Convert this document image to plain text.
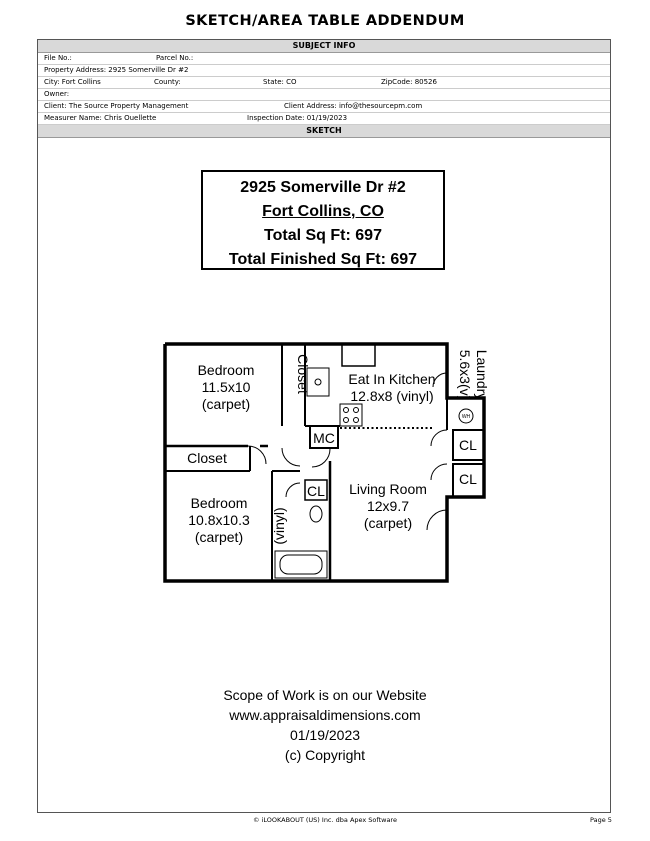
SKETCH/AREA TABLE ADDENDUM
SUBJECT INFO
File No.:	Parcel No.:
Property Address: 2925 Somerville Dr #2
City: Fort Collins	County:	State: CO	ZipCode: 80526
Owner:
Client: The Source Property Management	Client Address: info@thesourcepm.com
Measurer Name: Chris Ouellette	Inspection Date: 01/19/2023
SKETCH
2925 Somerville Dr #2
Fort Collins, CO
Total Sq Ft: 697
Total Finished Sq Ft: 697
Bedroom
11.5x10
(carpet)
Closet	Eat In Kitchen
12.8x8 (vinyl)	Laundry
5.6x3(v)
MC	CL
CL
CL
Closet
Bedroom
10.8x10.3
(carpet) (vinyl)
Living Room
12x9.7
(carpet)
WH
Scope of Work is on our Website
www.appraisaldimensions.com
01/19/2023
(c) Copyright
© iLOOKABOUT (US) Inc. dba Apex Software	Page 5
